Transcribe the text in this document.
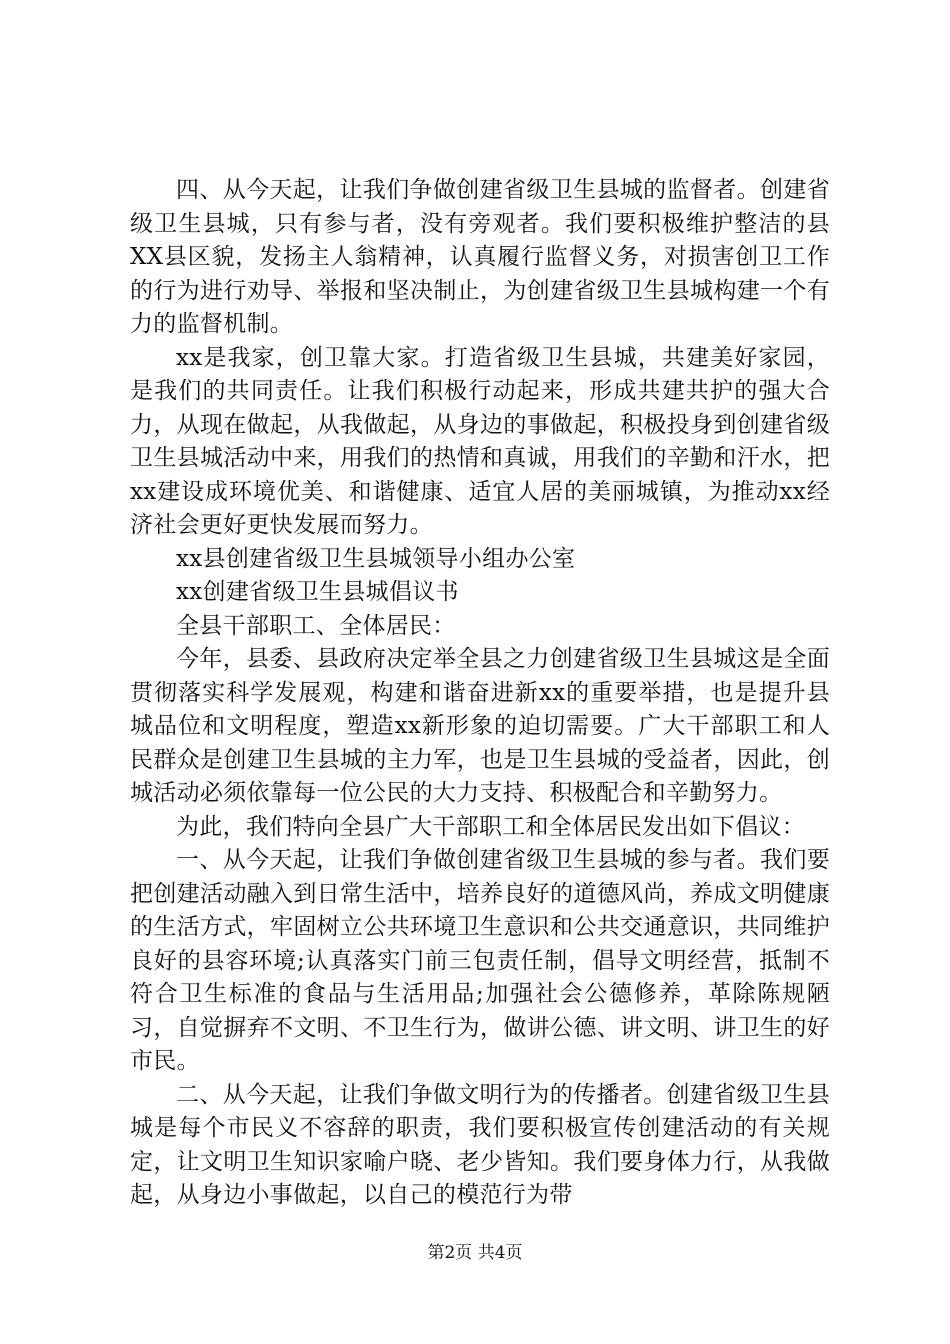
四、从今天起，让我们争做创建省级卫生县城的监督者。创建省级卫生县城，只有参与者，没有旁观者。我们要积极维护整洁的县XX县区貌，发扬主人翁精神，认真履行监督义务，对损害创卫工作的行为进行劝导、举报和坚决制止，为创建省级卫生县城构建一个有力的监督机制。

xx是我家，创卫靠大家。打造省级卫生县城，共建美好家园，是我们的共同责任。让我们积极行动起来，形成共建共护的强大合力，从现在做起，从我做起，从身边的事做起，积极投身到创建省级卫生县城活动中来，用我们的热情和真诚，用我们的辛勤和汗水，把xx建设成环境优美、和谐健康、适宜人居的美丽城镇，为推动xx经济社会更好更快发展而努力。

xx县创建省级卫生县城领导小组办公室

xx创建省级卫生县城倡议书

全县干部职工、全体居民：

今年，县委、县政府决定举全县之力创建省级卫生县城这是全面贯彻落实科学发展观，构建和谐奋进新xx的重要举措，也是提升县城品位和文明程度，塑造xx新形象的迫切需要。广大干部职工和人民群众是创建卫生县城的主力军，也是卫生县城的受益者，因此，创城活动必须依靠每一位公民的大力支持、积极配合和辛勤努力。

为此，我们特向全县广大干部职工和全体居民发出如下倡议：

一、从今天起，让我们争做创建省级卫生县城的参与者。我们要把创建活动融入到日常生活中，培养良好的道德风尚，养成文明健康的生活方式，牢固树立公共环境卫生意识和公共交通意识，共同维护良好的县容环境;认真落实门前三包责任制，倡导文明经营，抵制不符合卫生标准的食品与生活用品;加强社会公德修养，革除陈规陋习，自觉摒弃不文明、不卫生行为，做讲公德、讲文明、讲卫生的好市民。

二、从今天起，让我们争做文明行为的传播者。创建省级卫生县城是每个市民义不容辞的职责，我们要积极宣传创建活动的有关规定，让文明卫生知识家喻户晓、老少皆知。我们要身体力行，从我做起，从身边小事做起，以自己的模范行为带

第2页 共4页
